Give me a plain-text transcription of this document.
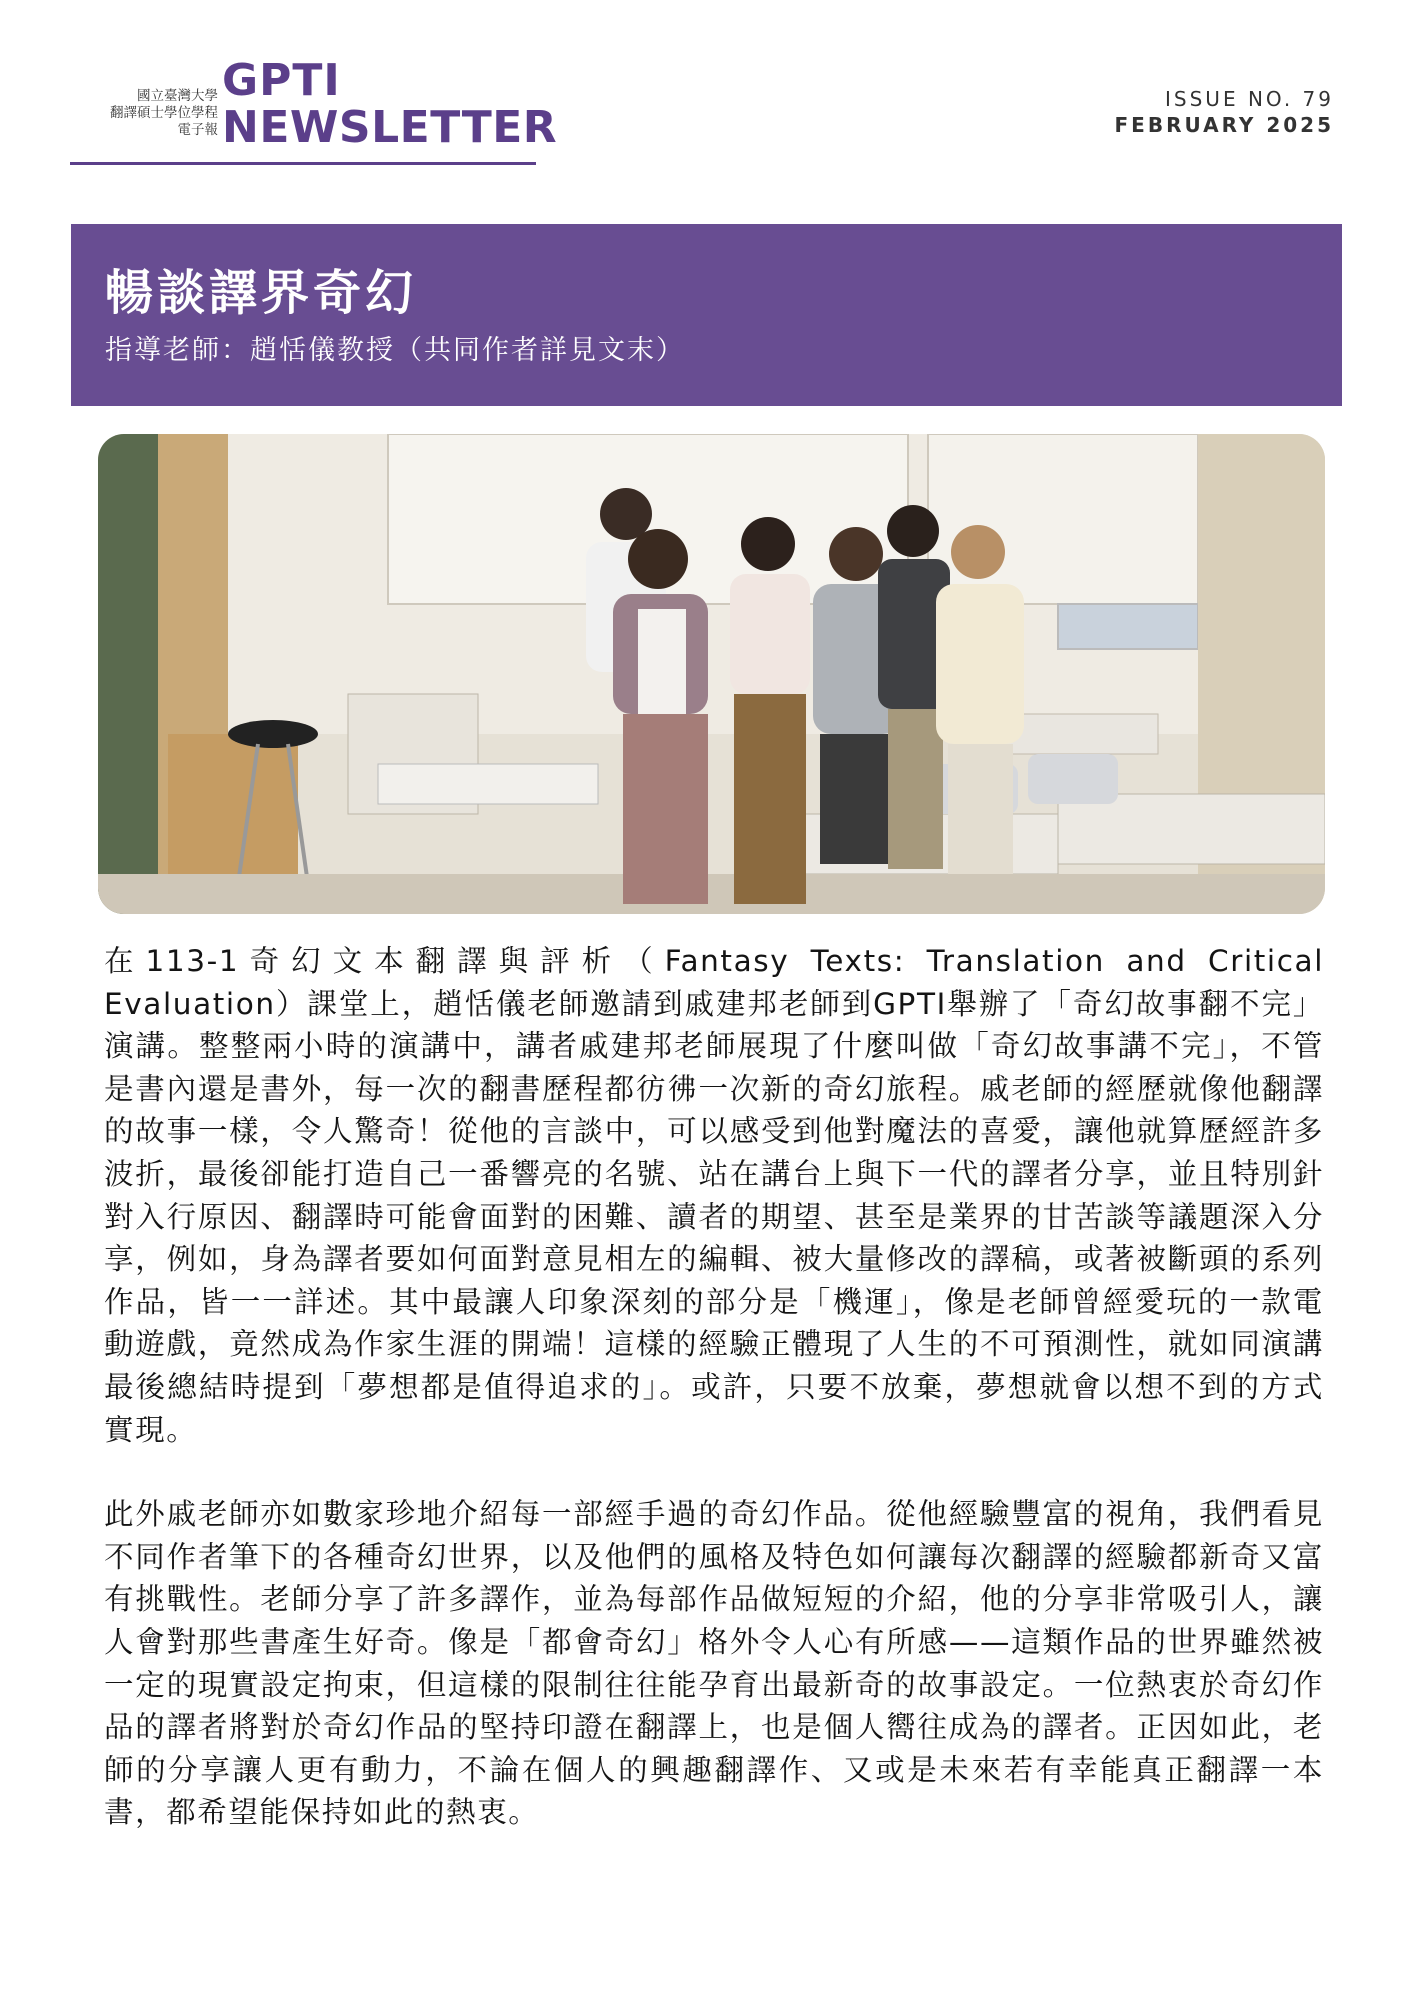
國立臺灣大學
翻譯碩士學位學程
電子報
GPTI
NEWSLETTER
ISSUE NO. 79
FEBRUARY 2025
暢談譯界奇幻
指導老師：趙恬儀教授（共同作者詳見文末）

在113-1奇幻文本翻譯與評析（Fantasy Texts: Translation and Critical Evaluation）課堂上，趙恬儀老師邀請到戚建邦老師到GPTI舉辦了「奇幻故事翻不完」演講。整整兩小時的演講中，講者戚建邦老師展現了什麼叫做「奇幻故事講不完」，不管是書內還是書外，每一次的翻書歷程都彷彿一次新的奇幻旅程。戚老師的經歷就像他翻譯的故事一樣，令人驚奇！從他的言談中，可以感受到他對魔法的喜愛，讓他就算歷經許多波折，最後卻能打造自己一番響亮的名號、站在講台上與下一代的譯者分享，並且特別針對入行原因、翻譯時可能會面對的困難、讀者的期望、甚至是業界的甘苦談等議題深入分享，例如，身為譯者要如何面對意見相左的編輯、被大量修改的譯稿，或著被斷頭的系列作品，皆一一詳述。其中最讓人印象深刻的部分是「機運」，像是老師曾經愛玩的一款電動遊戲，竟然成為作家生涯的開端！這樣的經驗正體現了人生的不可預測性，就如同演講最後總結時提到「夢想都是值得追求的」。或許，只要不放棄，夢想就會以想不到的方式實現。

此外戚老師亦如數家珍地介紹每一部經手過的奇幻作品。從他經驗豐富的視角，我們看見不同作者筆下的各種奇幻世界，以及他們的風格及特色如何讓每次翻譯的經驗都新奇又富有挑戰性。老師分享了許多譯作，並為每部作品做短短的介紹，他的分享非常吸引人，讓人會對那些書產生好奇。像是「都會奇幻」格外令人心有所感——這類作品的世界雖然被一定的現實設定拘束，但這樣的限制往往能孕育出最新奇的故事設定。一位熱衷於奇幻作品的譯者將對於奇幻作品的堅持印證在翻譯上，也是個人嚮往成為的譯者。正因如此，老師的分享讓人更有動力，不論在個人的興趣翻譯作、又或是未來若有幸能真正翻譯一本書，都希望能保持如此的熱衷。
